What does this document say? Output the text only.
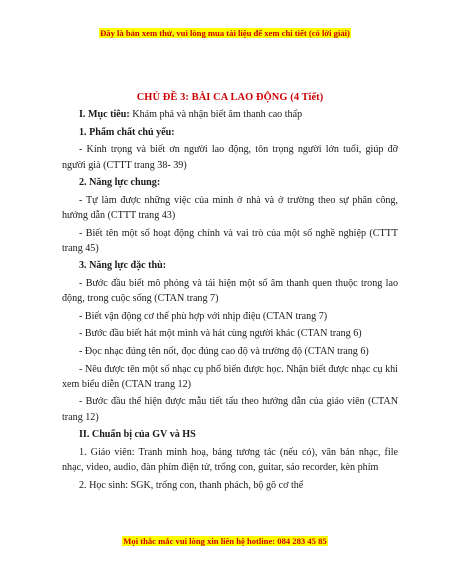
Đây là bản xem thử, vui lòng mua tài liệu để xem chi tiết (có lời giải)
CHỦ ĐỀ 3: BÀI CA LAO ĐỘNG (4 Tiết)
I. Mục tiêu: Khám phá và nhận biết âm thanh cao thấp
1. Phẩm chất chủ yếu:
- Kính trọng và biết ơn người lao động, tôn trọng người lớn tuổi, giúp đỡ người già (CTTT trang 38- 39)
2. Năng lực chung:
- Tự làm được những việc của mình ở nhà và ở trường theo sự phân công, hướng dẫn (CTTT trang 43)
- Biết tên một số hoạt động chính và vai trò của một số nghề nghiệp (CTTT trang 45)
3. Năng lực đặc thù:
- Bước đầu biết mô phỏng và tái hiện một số âm thanh quen thuộc trong lao động, trong cuộc sống (CTAN trang 7)
- Biết vận động cơ thể phù hợp với nhịp điệu (CTAN trang 7)
- Bước đầu biết hát một mình và hát cùng người khác (CTAN trang 6)
- Đọc nhạc đúng tên nốt, đọc đúng cao độ và trường độ (CTAN trang 6)
- Nêu được tên một số nhạc cụ phổ biến được học. Nhận biết được nhạc cụ khi xem biểu diễn (CTAN trang 12)
- Bước đầu thể hiện được mẫu tiết tấu theo hướng dẫn của giáo viên (CTAN trang 12)
II. Chuẩn bị của GV và HS
1. Giáo viên: Tranh minh hoạ, bảng tương tác (nếu có), văn bản nhạc, file nhạc, video, audio, đàn phím điện tử, trống con, guitar, sáo recorder, kèn phím
2. Học sinh: SGK, trống con, thanh phách, bộ gõ cơ thể
Mọi thắc mắc vui lòng xin liên hệ hotline: 084 283 45 85
